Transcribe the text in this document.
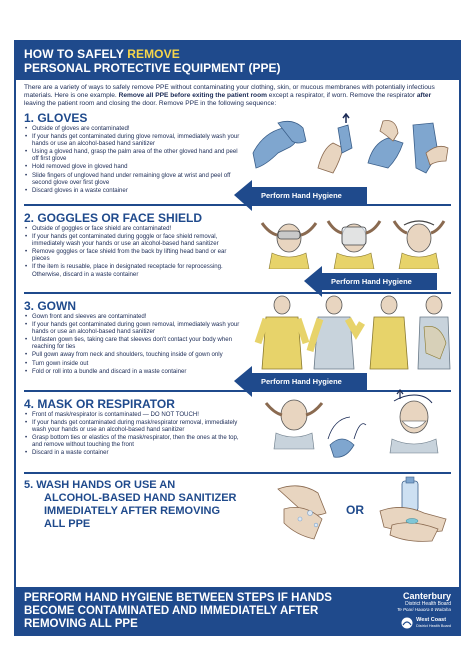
HOW TO SAFELY REMOVE
PERSONAL PROTECTIVE EQUIPMENT (PPE)
There are a variety of ways to safely remove PPE without contaminating your clothing, skin, or mucous membranes with potentially infectious materials. Here is one example. Remove all PPE before exiting the patient room except a respirator, if worn. Remove the respirator after leaving the patient room and closing the door. Remove PPE in the following sequence:
1. GLOVES
• Outside of gloves are contaminated!
• If your hands get contaminated during glove removal, immediately wash your hands or use an alcohol-based hand sanitizer
• Using a gloved hand, grasp the palm area of the other gloved hand and peel off first glove
• Hold removed glove in gloved hand
• Slide fingers of ungloved hand under remaining glove at wrist and peel off second glove over first glove
• Discard gloves in a waste container
Perform Hand Hygiene
2. GOGGLES OR FACE SHIELD
• Outside of goggles or face shield are contaminated!
• If your hands get contaminated during goggle or face shield removal, immediately wash your hands or use an alcohol-based hand sanitizer
• Remove goggles or face shield from the back by lifting head band or ear pieces
• If the item is reusable, place in designated receptacle for reprocessing. Otherwise, discard in a waste container
Perform Hand Hygiene
3. GOWN
• Gown front and sleeves are contaminated!
• If your hands get contaminated during gown removal, immediately wash your hands or use an alcohol-based hand sanitizer
• Unfasten gown ties, taking care that sleeves don't contact your body when reaching for ties
• Pull gown away from neck and shoulders, touching inside of gown only
• Turn gown inside out
• Fold or roll into a bundle and discard in a waste container
Perform Hand Hygiene
4. MASK OR RESPIRATOR
• Front of mask/respirator is contaminated — DO NOT TOUCH!
• If your hands get contaminated during mask/respirator removal, immediately wash your hands or use an alcohol-based hand sanitizer
• Grasp bottom ties or elastics of the mask/respirator, then the ones at the top, and remove without touching the front
• Discard in a waste container
5. WASH HANDS OR USE AN
ALCOHOL-BASED HAND SANITIZER
IMMEDIATELY AFTER REMOVING
ALL PPE
OR
PERFORM HAND HYGIENE BETWEEN STEPS IF HANDS
BECOME CONTAMINATED AND IMMEDIATELY AFTER
REMOVING ALL PPE
Canterbury
District Health Board
Te Poari Hauora ō Waitaha
West Coast
District Health Board
